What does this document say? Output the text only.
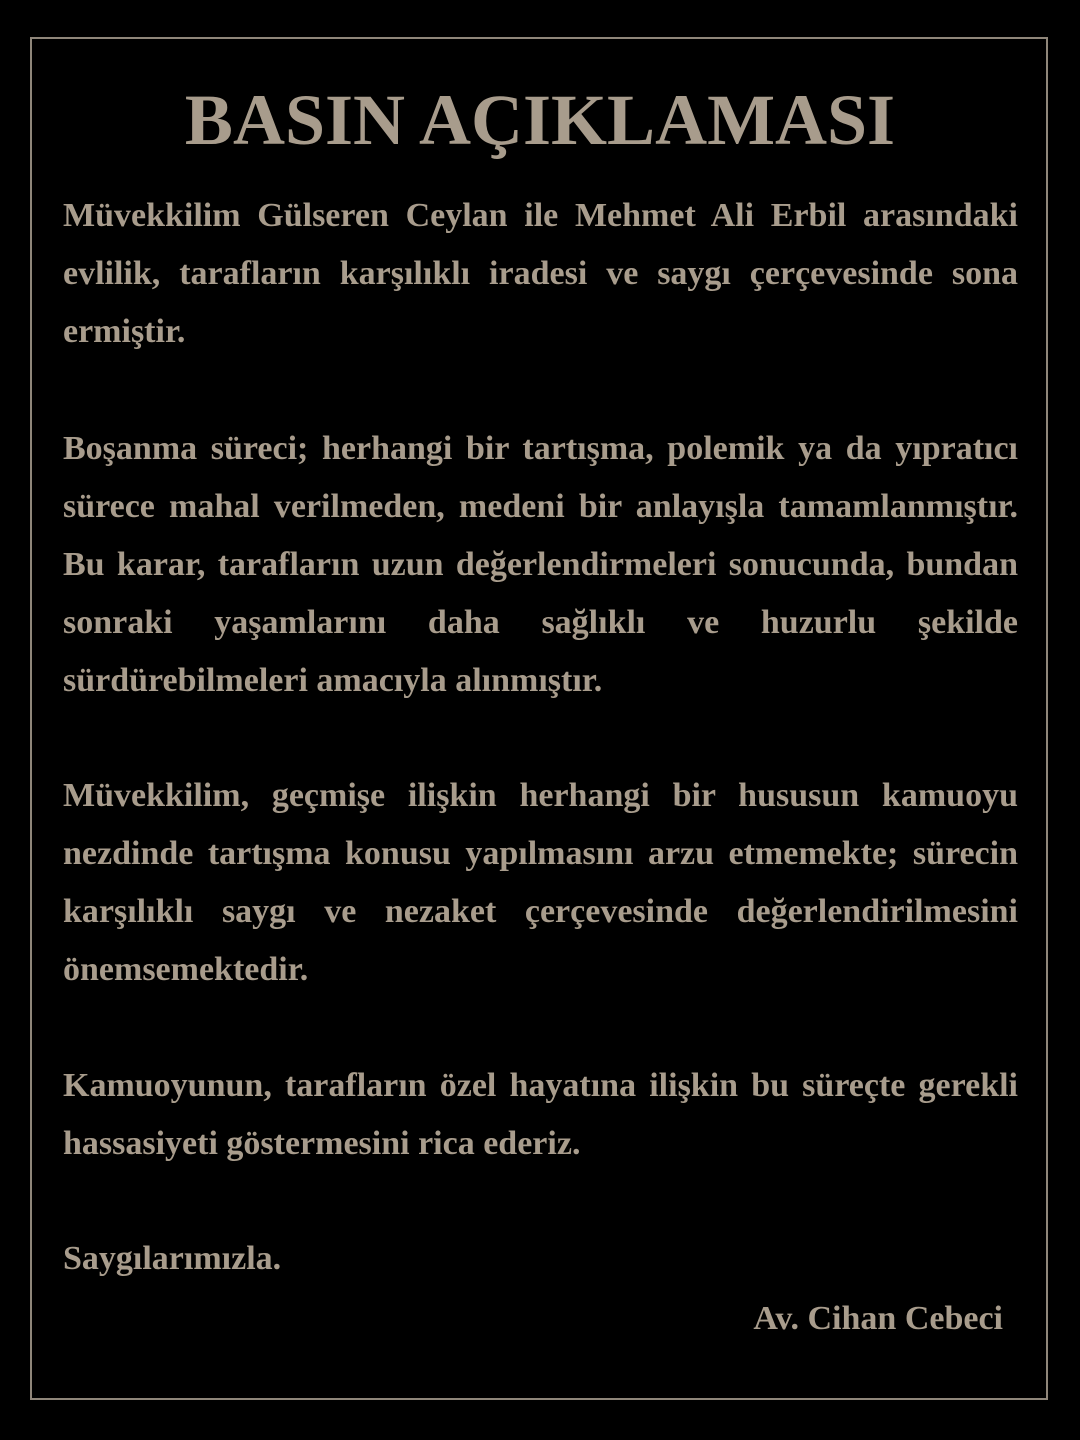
BASIN AÇIKLAMASI

Müvekkilim Gülseren Ceylan ile Mehmet Ali Erbil arasındaki evlilik, tarafların karşılıklı iradesi ve saygı çerçevesinde sona ermiştir.

Boşanma süreci; herhangi bir tartışma, polemik ya da yıpratıcı sürece mahal verilmeden, medeni bir anlayışla tamamlanmıştır. Bu karar, tarafların uzun değerlendirmeleri sonucunda, bundan sonraki yaşamlarını daha sağlıklı ve huzurlu şekilde sürdürebilmeleri amacıyla alınmıştır.

Müvekkilim, geçmişe ilişkin herhangi bir hususun kamuoyu nezdinde tartışma konusu yapılmasını arzu etmemekte; sürecin karşılıklı saygı ve nezaket çerçevesinde değerlendirilmesini önemsemektedir.

Kamuoyunun, tarafların özel hayatına ilişkin bu süreçte gerekli hassasiyeti göstermesini rica ederiz.

Saygılarımızla.

Av. Cihan Cebeci
